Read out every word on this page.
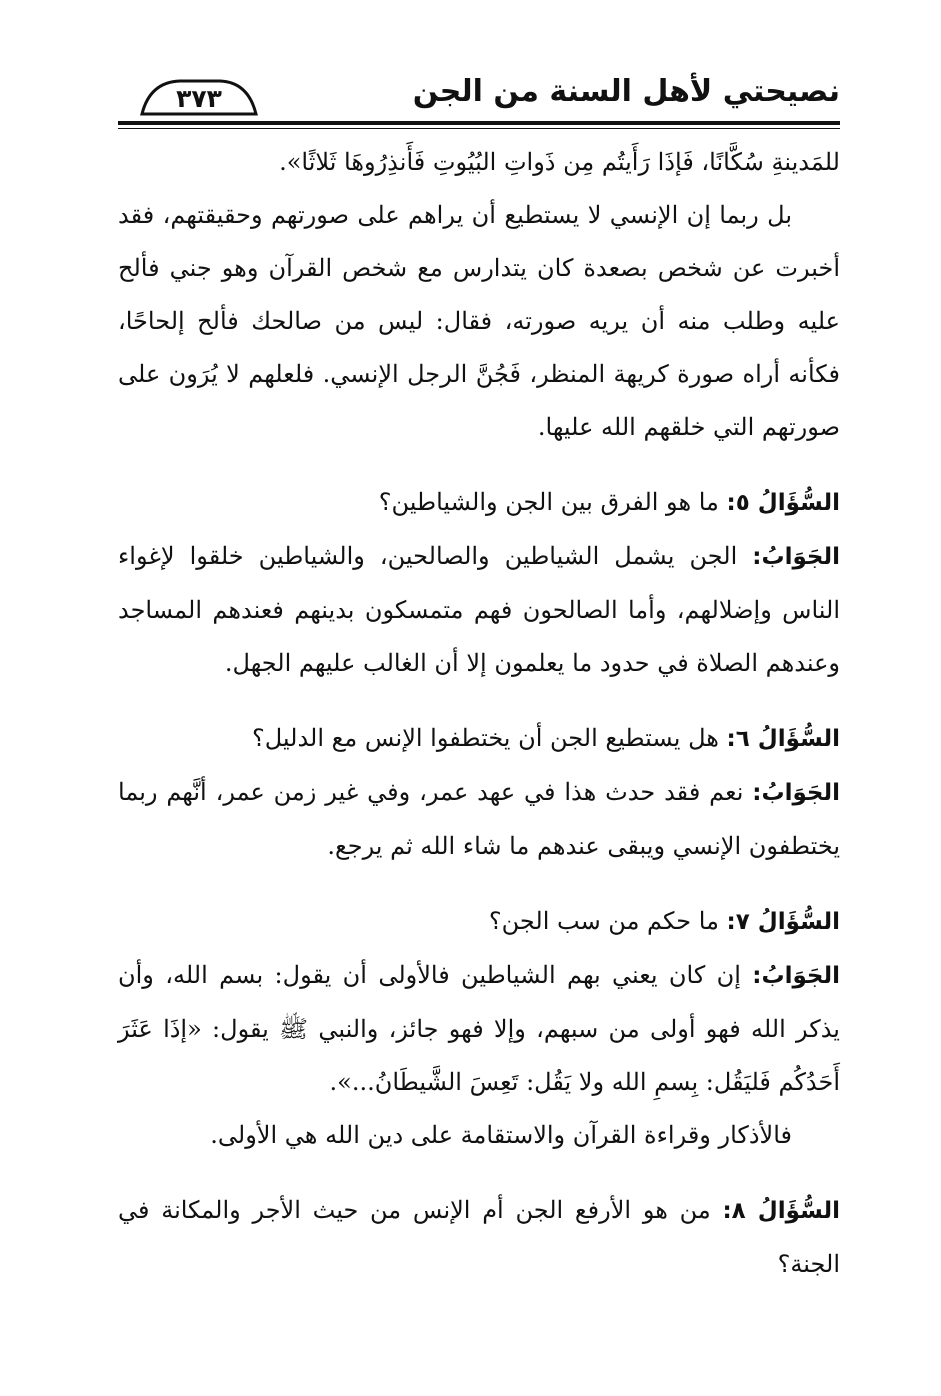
نصيحتي لأهل السنة من الجن
٣٧٣

للمَدينةِ سُكَّانًا، فَإذَا رَأَيتُم مِن ذَواتِ البُيُوتِ فَأَنذِرُوهَا ثَلاثًا».

بل ربما إن الإنسي لا يستطيع أن يراهم على صورتهم وحقيقتهم، فقد أخبرت عن شخص بصعدة كان يتدارس مع شخص القرآن وهو جني فألح عليه وطلب منه أن يريه صورته، فقال: ليس من صالحك فألح إلحاحًا، فكأنه أراه صورة كريهة المنظر، فَجُنَّ الرجل الإنسي. فلعلهم لا يُرَون على صورتهم التي خلقهم الله عليها.

السُّؤَالُ ٥: ما هو الفرق بين الجن والشياطين؟

الجَوَابُ: الجن يشمل الشياطين والصالحين، والشياطين خلقوا لإغواء الناس وإضلالهم، وأما الصالحون فهم متمسكون بدينهم فعندهم المساجد وعندهم الصلاة في حدود ما يعلمون إلا أن الغالب عليهم الجهل.

السُّؤَالُ ٦: هل يستطيع الجن أن يختطفوا الإنس مع الدليل؟

الجَوَابُ: نعم فقد حدث هذا في عهد عمر، وفي غير زمن عمر، أنَّهم ربما يختطفون الإنسي ويبقى عندهم ما شاء الله ثم يرجع.

السُّؤَالُ ٧: ما حكم من سب الجن؟

الجَوَابُ: إن كان يعني بهم الشياطين فالأولى أن يقول: بسم الله، وأن يذكر الله فهو أولى من سبهم، وإلا فهو جائز، والنبي ﷺ يقول: «إذَا عَثَرَ أَحَدُكُم فَليَقُل: بِسمِ الله ولا يَقُل: تَعِسَ الشَّيطَانُ...».

فالأذكار وقراءة القرآن والاستقامة على دين الله هي الأولى.

السُّؤَالُ ٨: من هو الأرفع الجن أم الإنس من حيث الأجر والمكانة في الجنة؟
